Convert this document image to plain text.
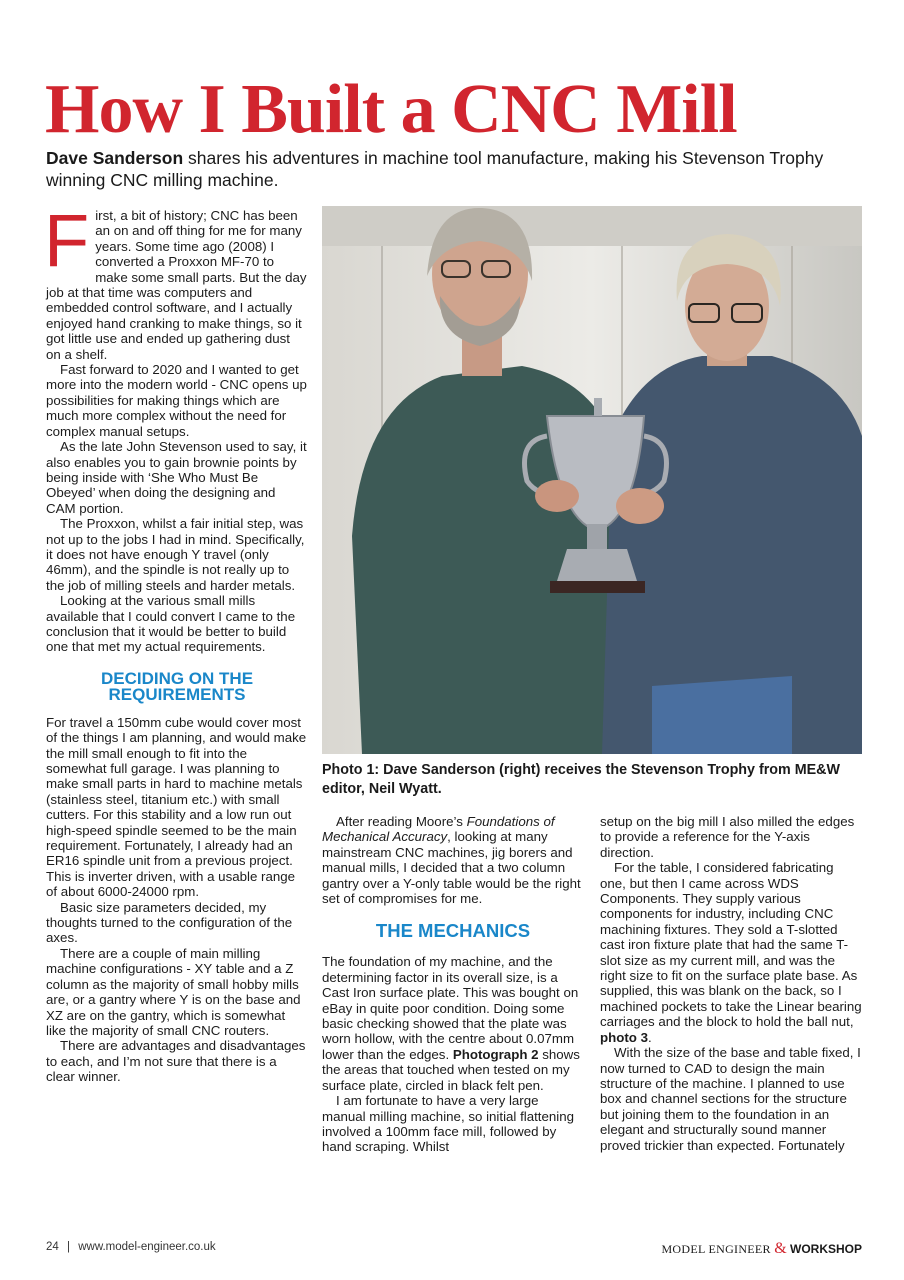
How I Built a CNC Mill

Dave Sanderson shares his adventures in machine tool manufacture, making his Stevenson Trophy winning CNC milling machine.

First, a bit of history; CNC has been an on and off thing for me for many years. Some time ago (2008) I converted a Proxxon MF-70 to make some small parts. But the day job at that time was computers and embedded control software, and I actually enjoyed hand cranking to make things, so it got little use and ended up gathering dust on a shelf.

Fast forward to 2020 and I wanted to get more into the modern world - CNC opens up possibilities for making things which are much more complex without the need for complex manual setups.

As the late John Stevenson used to say, it also enables you to gain brownie points by being inside with ‘She Who Must Be Obeyed’ when doing the designing and CAM portion.

The Proxxon, whilst a fair initial step, was not up to the jobs I had in mind. Specifically, it does not have enough Y travel (only 46mm), and the spindle is not really up to the job of milling steels and harder metals.

Looking at the various small mills available that I could convert I came to the conclusion that it would be better to build one that met my actual requirements.

DECIDING ON THE REQUIREMENTS

For travel a 150mm cube would cover most of the things I am planning, and would make the mill small enough to fit into the somewhat full garage. I was planning to make small parts in hard to machine metals (stainless steel, titanium etc.) with small cutters. For this stability and a low run out high-speed spindle seemed to be the main requirement. Fortunately, I already had an ER16 spindle unit from a previous project. This is inverter driven, with a usable range of about 6000-24000 rpm.

Basic size parameters decided, my thoughts turned to the configuration of the axes.

There are a couple of main milling machine configurations - XY table and a Z column as the majority of small hobby mills are, or a gantry where Y is on the base and XZ are on the gantry, which is somewhat like the majority of small CNC routers.

There are advantages and disadvantages to each, and I’m not sure that there is a clear winner.

Photo 1: Dave Sanderson (right) receives the Stevenson Trophy from ME&W editor, Neil Wyatt.

After reading Moore’s Foundations of Mechanical Accuracy, looking at many mainstream CNC machines, jig borers and manual mills, I decided that a two column gantry over a Y-only table would be the right set of compromises for me.

THE MECHANICS

The foundation of my machine, and the determining factor in its overall size, is a Cast Iron surface plate. This was bought on eBay in quite poor condition. Doing some basic checking showed that the plate was worn hollow, with the centre about 0.07mm lower than the edges. Photograph 2 shows the areas that touched when tested on my surface plate, circled in black felt pen.

I am fortunate to have a very large manual milling machine, so initial flattening involved a 100mm face mill, followed by hand scraping. Whilst

setup on the big mill I also milled the edges to provide a reference for the Y-axis direction.

For the table, I considered fabricating one, but then I came across WDS Components. They supply various components for industry, including CNC machining fixtures. They sold a T-slotted cast iron fixture plate that had the same T-slot size as my current mill, and was the right size to fit on the surface plate base. As supplied, this was blank on the back, so I machined pockets to take the Linear bearing carriages and the block to hold the ball nut, photo 3.

With the size of the base and table fixed, I now turned to CAD to design the main structure of the machine. I planned to use box and channel sections for the structure but joining them to the foundation in an elegant and structurally sound manner proved trickier than expected. Fortunately

24 | www.model-engineer.co.uk	MODEL ENGINEER & WORKSHOP
